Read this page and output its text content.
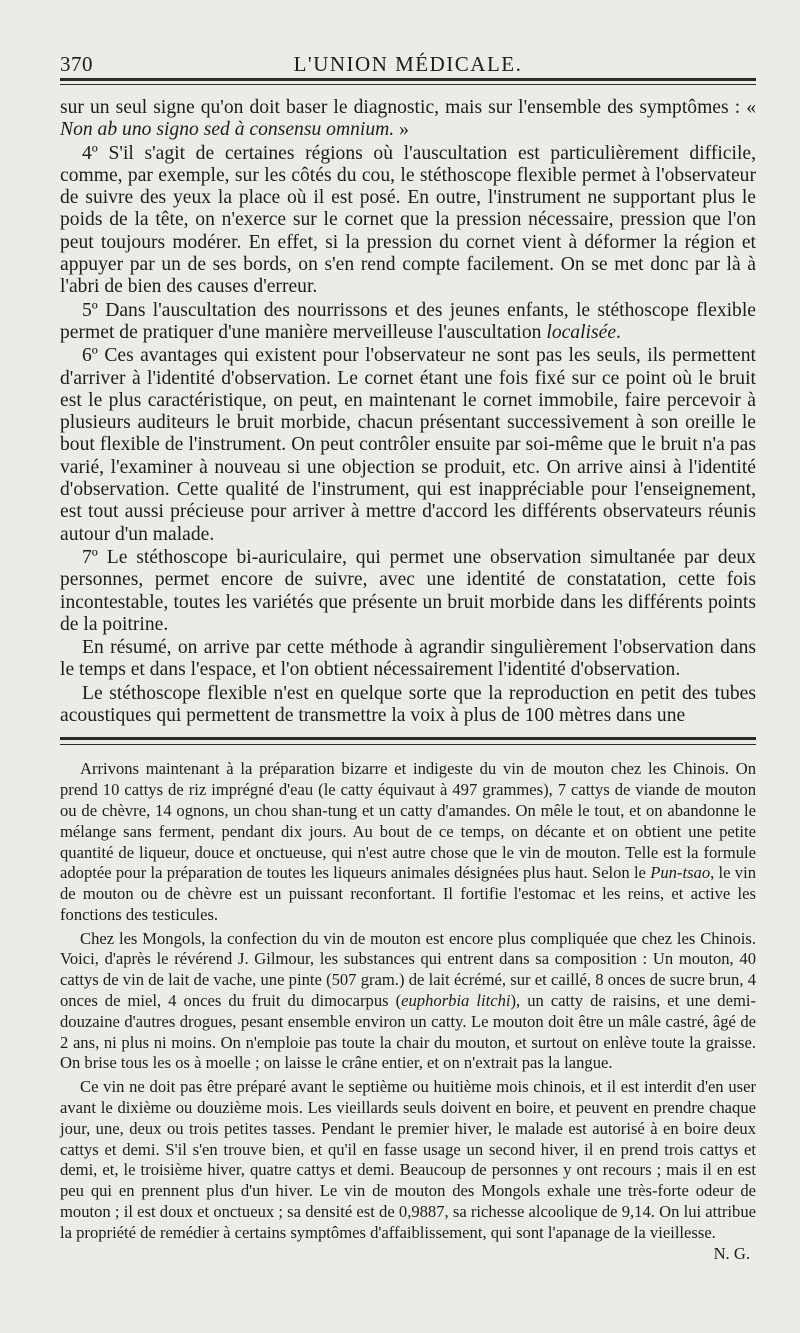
370	L'UNION MÉDICALE.

sur un seul signe qu'on doit baser le diagnostic, mais sur l'ensemble des symptômes : « Non ab uno signo sed à consensu omnium. »

4º S'il s'agit de certaines régions où l'auscultation est particulièrement difficile, comme, par exemple, sur les côtés du cou, le stéthoscope flexible permet à l'observateur de suivre des yeux la place où il est posé. En outre, l'instrument ne supportant plus le poids de la tête, on n'exerce sur le cornet que la pression nécessaire, pression que l'on peut toujours modérer. En effet, si la pression du cornet vient à déformer la région et appuyer par un de ses bords, on s'en rend compte facilement. On se met donc par là à l'abri de bien des causes d'erreur.

5º Dans l'auscultation des nourrissons et des jeunes enfants, le stéthoscope flexible permet de pratiquer d'une manière merveilleuse l'auscultation localisée.

6º Ces avantages qui existent pour l'observateur ne sont pas les seuls, ils permettent d'arriver à l'identité d'observation. Le cornet étant une fois fixé sur ce point où le bruit est le plus caractéristique, on peut, en maintenant le cornet immobile, faire percevoir à plusieurs auditeurs le bruit morbide, chacun présentant successivement à son oreille le bout flexible de l'instrument. On peut contrôler ensuite par soi-même que le bruit n'a pas varié, l'examiner à nouveau si une objection se produit, etc. On arrive ainsi à l'identité d'observation. Cette qualité de l'instrument, qui est inappréciable pour l'enseignement, est tout aussi précieuse pour arriver à mettre d'accord les différents observateurs réunis autour d'un malade.

7º Le stéthoscope bi-auriculaire, qui permet une observation simultanée par deux personnes, permet encore de suivre, avec une identité de constatation, cette fois incontestable, toutes les variétés que présente un bruit morbide dans les différents points de la poitrine.

En résumé, on arrive par cette méthode à agrandir singulièrement l'observation dans le temps et dans l'espace, et l'on obtient nécessairement l'identité d'observation.

Le stéthoscope flexible n'est en quelque sorte que la reproduction en petit des tubes acoustiques qui permettent de transmettre la voix à plus de 100 mètres dans une

Arrivons maintenant à la préparation bizarre et indigeste du vin de mouton chez les Chinois. On prend 10 cattys de riz imprégné d'eau (le catty équivaut à 497 grammes), 7 cattys de viande de mouton ou de chèvre, 14 ognons, un chou shan-tung et un catty d'amandes. On mêle le tout, et on abandonne le mélange sans ferment, pendant dix jours. Au bout de ce temps, on décante et on obtient une petite quantité de liqueur, douce et onctueuse, qui n'est autre chose que le vin de mouton. Telle est la formule adoptée pour la préparation de toutes les liqueurs animales désignées plus haut. Selon le Pun-tsao, le vin de mouton ou de chèvre est un puissant reconfortant. Il fortifie l'estomac et les reins, et active les fonctions des testicules.

Chez les Mongols, la confection du vin de mouton est encore plus compliquée que chez les Chinois. Voici, d'après le révérend J. Gilmour, les substances qui entrent dans sa composition : Un mouton, 40 cattys de vin de lait de vache, une pinte (507 gram.) de lait écrémé, sur et caillé, 8 onces de sucre brun, 4 onces de miel, 4 onces du fruit du dimocarpus (euphorbia litchi), un catty de raisins, et une demi-douzaine d'autres drogues, pesant ensemble environ un catty. Le mouton doit être un mâle castré, âgé de 2 ans, ni plus ni moins. On n'emploie pas toute la chair du mouton, et surtout on enlève toute la graisse. On brise tous les os à moelle ; on laisse le crâne entier, et on n'extrait pas la langue.

Ce vin ne doit pas être préparé avant le septième ou huitième mois chinois, et il est interdit d'en user avant le dixième ou douzième mois. Les vieillards seuls doivent en boire, et peuvent en prendre chaque jour, une, deux ou trois petites tasses. Pendant le premier hiver, le malade est autorisé à en boire deux cattys et demi. S'il s'en trouve bien, et qu'il en fasse usage un second hiver, il en prend trois cattys et demi, et, le troisième hiver, quatre cattys et demi. Beaucoup de personnes y ont recours ; mais il en est peu qui en prennent plus d'un hiver. Le vin de mouton des Mongols exhale une très-forte odeur de mouton ; il est doux et onctueux ; sa densité est de 0,9887, sa richesse alcoolique de 9,14. On lui attribue la propriété de remédier à certains symptômes d'affaiblissement, qui sont l'apanage de la vieillesse.

N. G.
